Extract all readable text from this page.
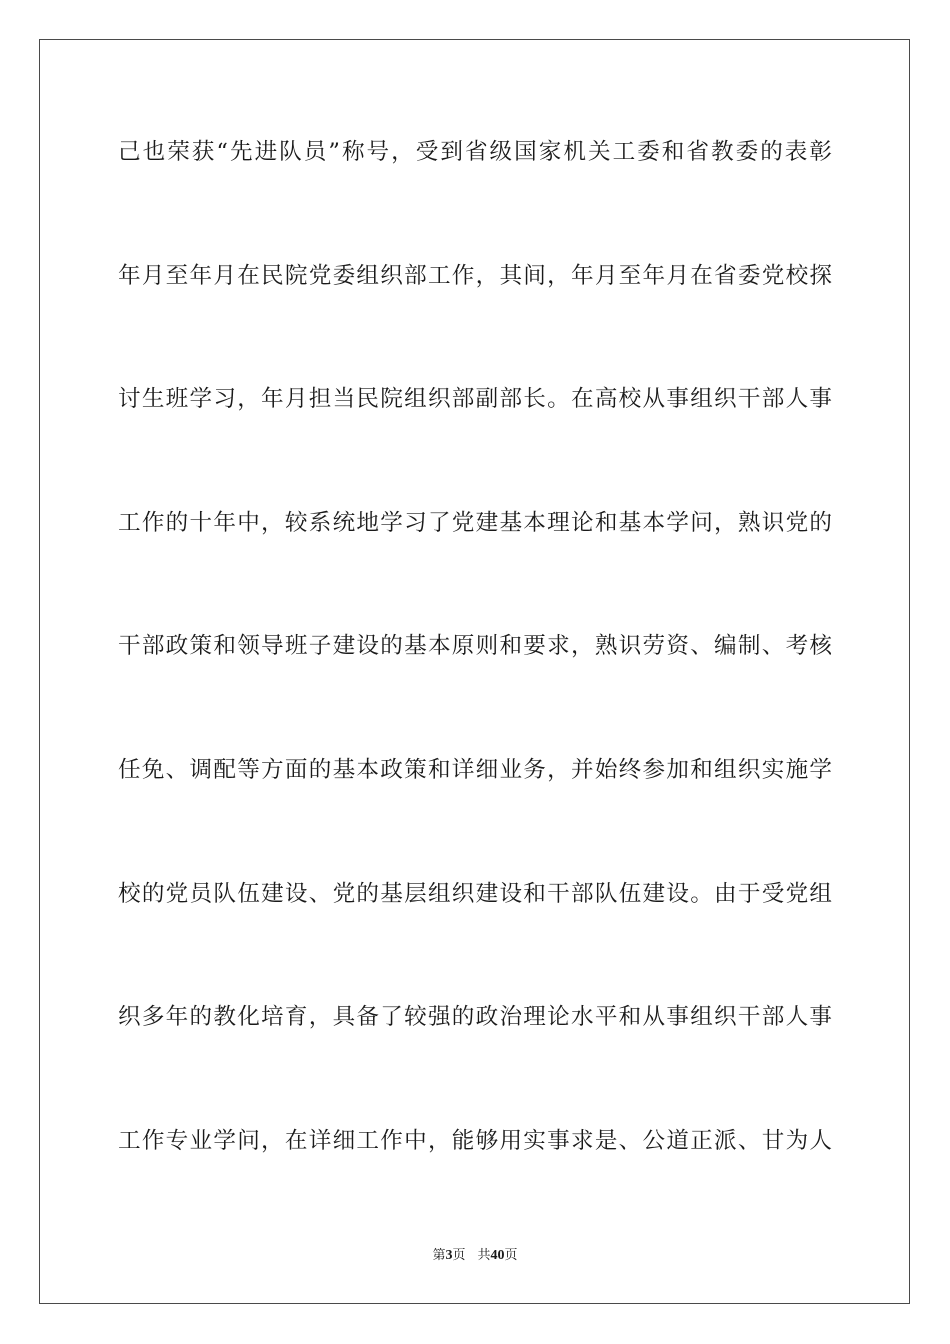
己也荣获“先进队员”称号，受到省级国家机关工委和省教委的表彰
年月至年月在民院党委组织部工作，其间，年月至年月在省委党校探
讨生班学习，年月担当民院组织部副部长。在高校从事组织干部人事
工作的十年中，较系统地学习了党建基本理论和基本学问，熟识党的
干部政策和领导班子建设的基本原则和要求，熟识劳资、编制、考核
任免、调配等方面的基本政策和详细业务，并始终参加和组织实施学
校的党员队伍建设、党的基层组织建设和干部队伍建设。由于受党组
织多年的教化培育，具备了较强的政治理论水平和从事组织干部人事
工作专业学问，在详细工作中，能够用实事求是、公道正派、甘为人
第3页 共40页
